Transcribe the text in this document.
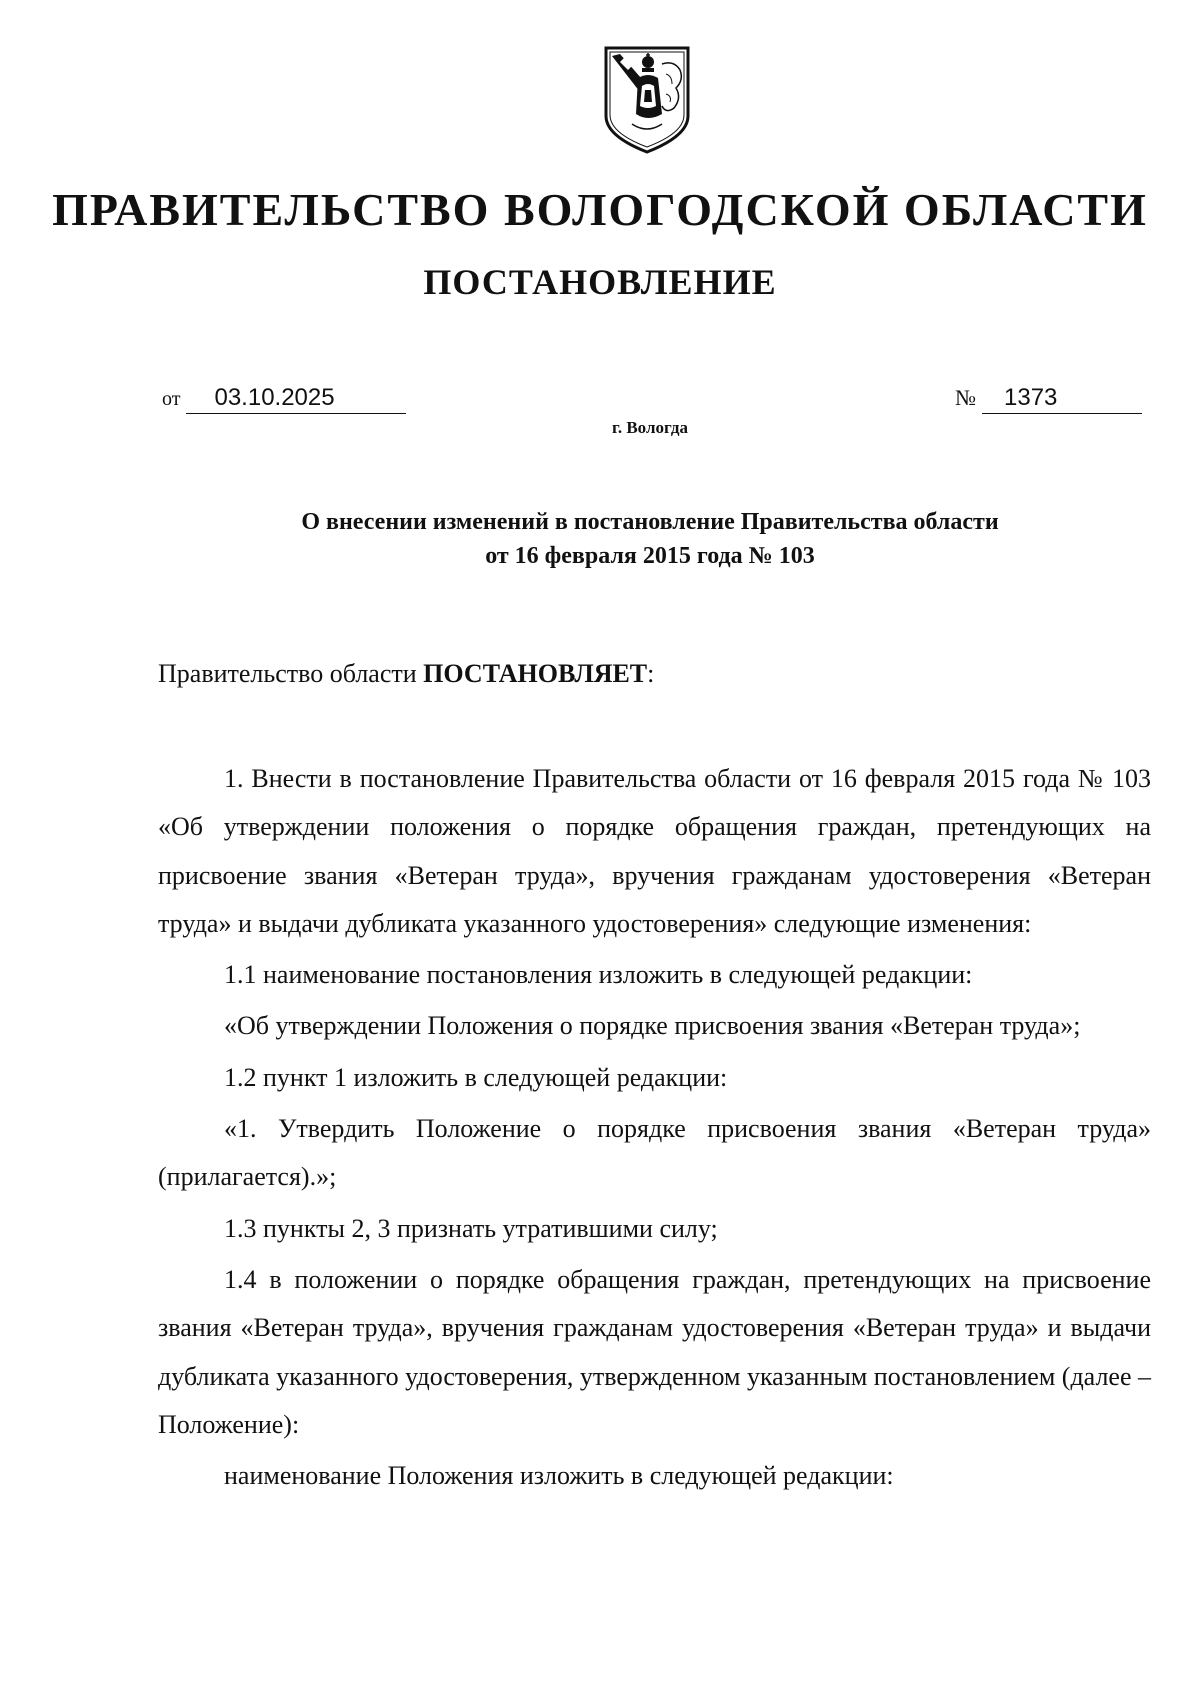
ПРАВИТЕЛЬСТВО ВОЛОГОДСКОЙ ОБЛАСТИ
ПОСТАНОВЛЕНИЕ
от 03.10.2025	№ 1373
г. Вологда
О внесении изменений в постановление Правительства области
от 16 февраля 2015 года № 103
Правительство области ПОСТАНОВЛЯЕТ:

1. Внести в постановление Правительства области от 16 февраля 2015 года № 103 «Об утверждении положения о порядке обращения граждан, претендующих на присвоение звания «Ветеран труда», вручения гражданам удостоверения «Ветеран труда» и выдачи дубликата указанного удостоверения» следующие изменения:

1.1 наименование постановления изложить в следующей редакции:

«Об утверждении Положения о порядке присвоения звания «Ветеран труда»;

1.2 пункт 1 изложить в следующей редакции:

«1. Утвердить Положение о порядке присвоения звания «Ветеран труда» (прилагается).»;

1.3 пункты 2, 3 признать утратившими силу;

1.4 в положении о порядке обращения граждан, претендующих на присвоение звания «Ветеран труда», вручения гражданам удостоверения «Ветеран труда» и выдачи дубликата указанного удостоверения, утвержденном указанным постановлением (далее – Положение):

наименование Положения изложить в следующей редакции:
